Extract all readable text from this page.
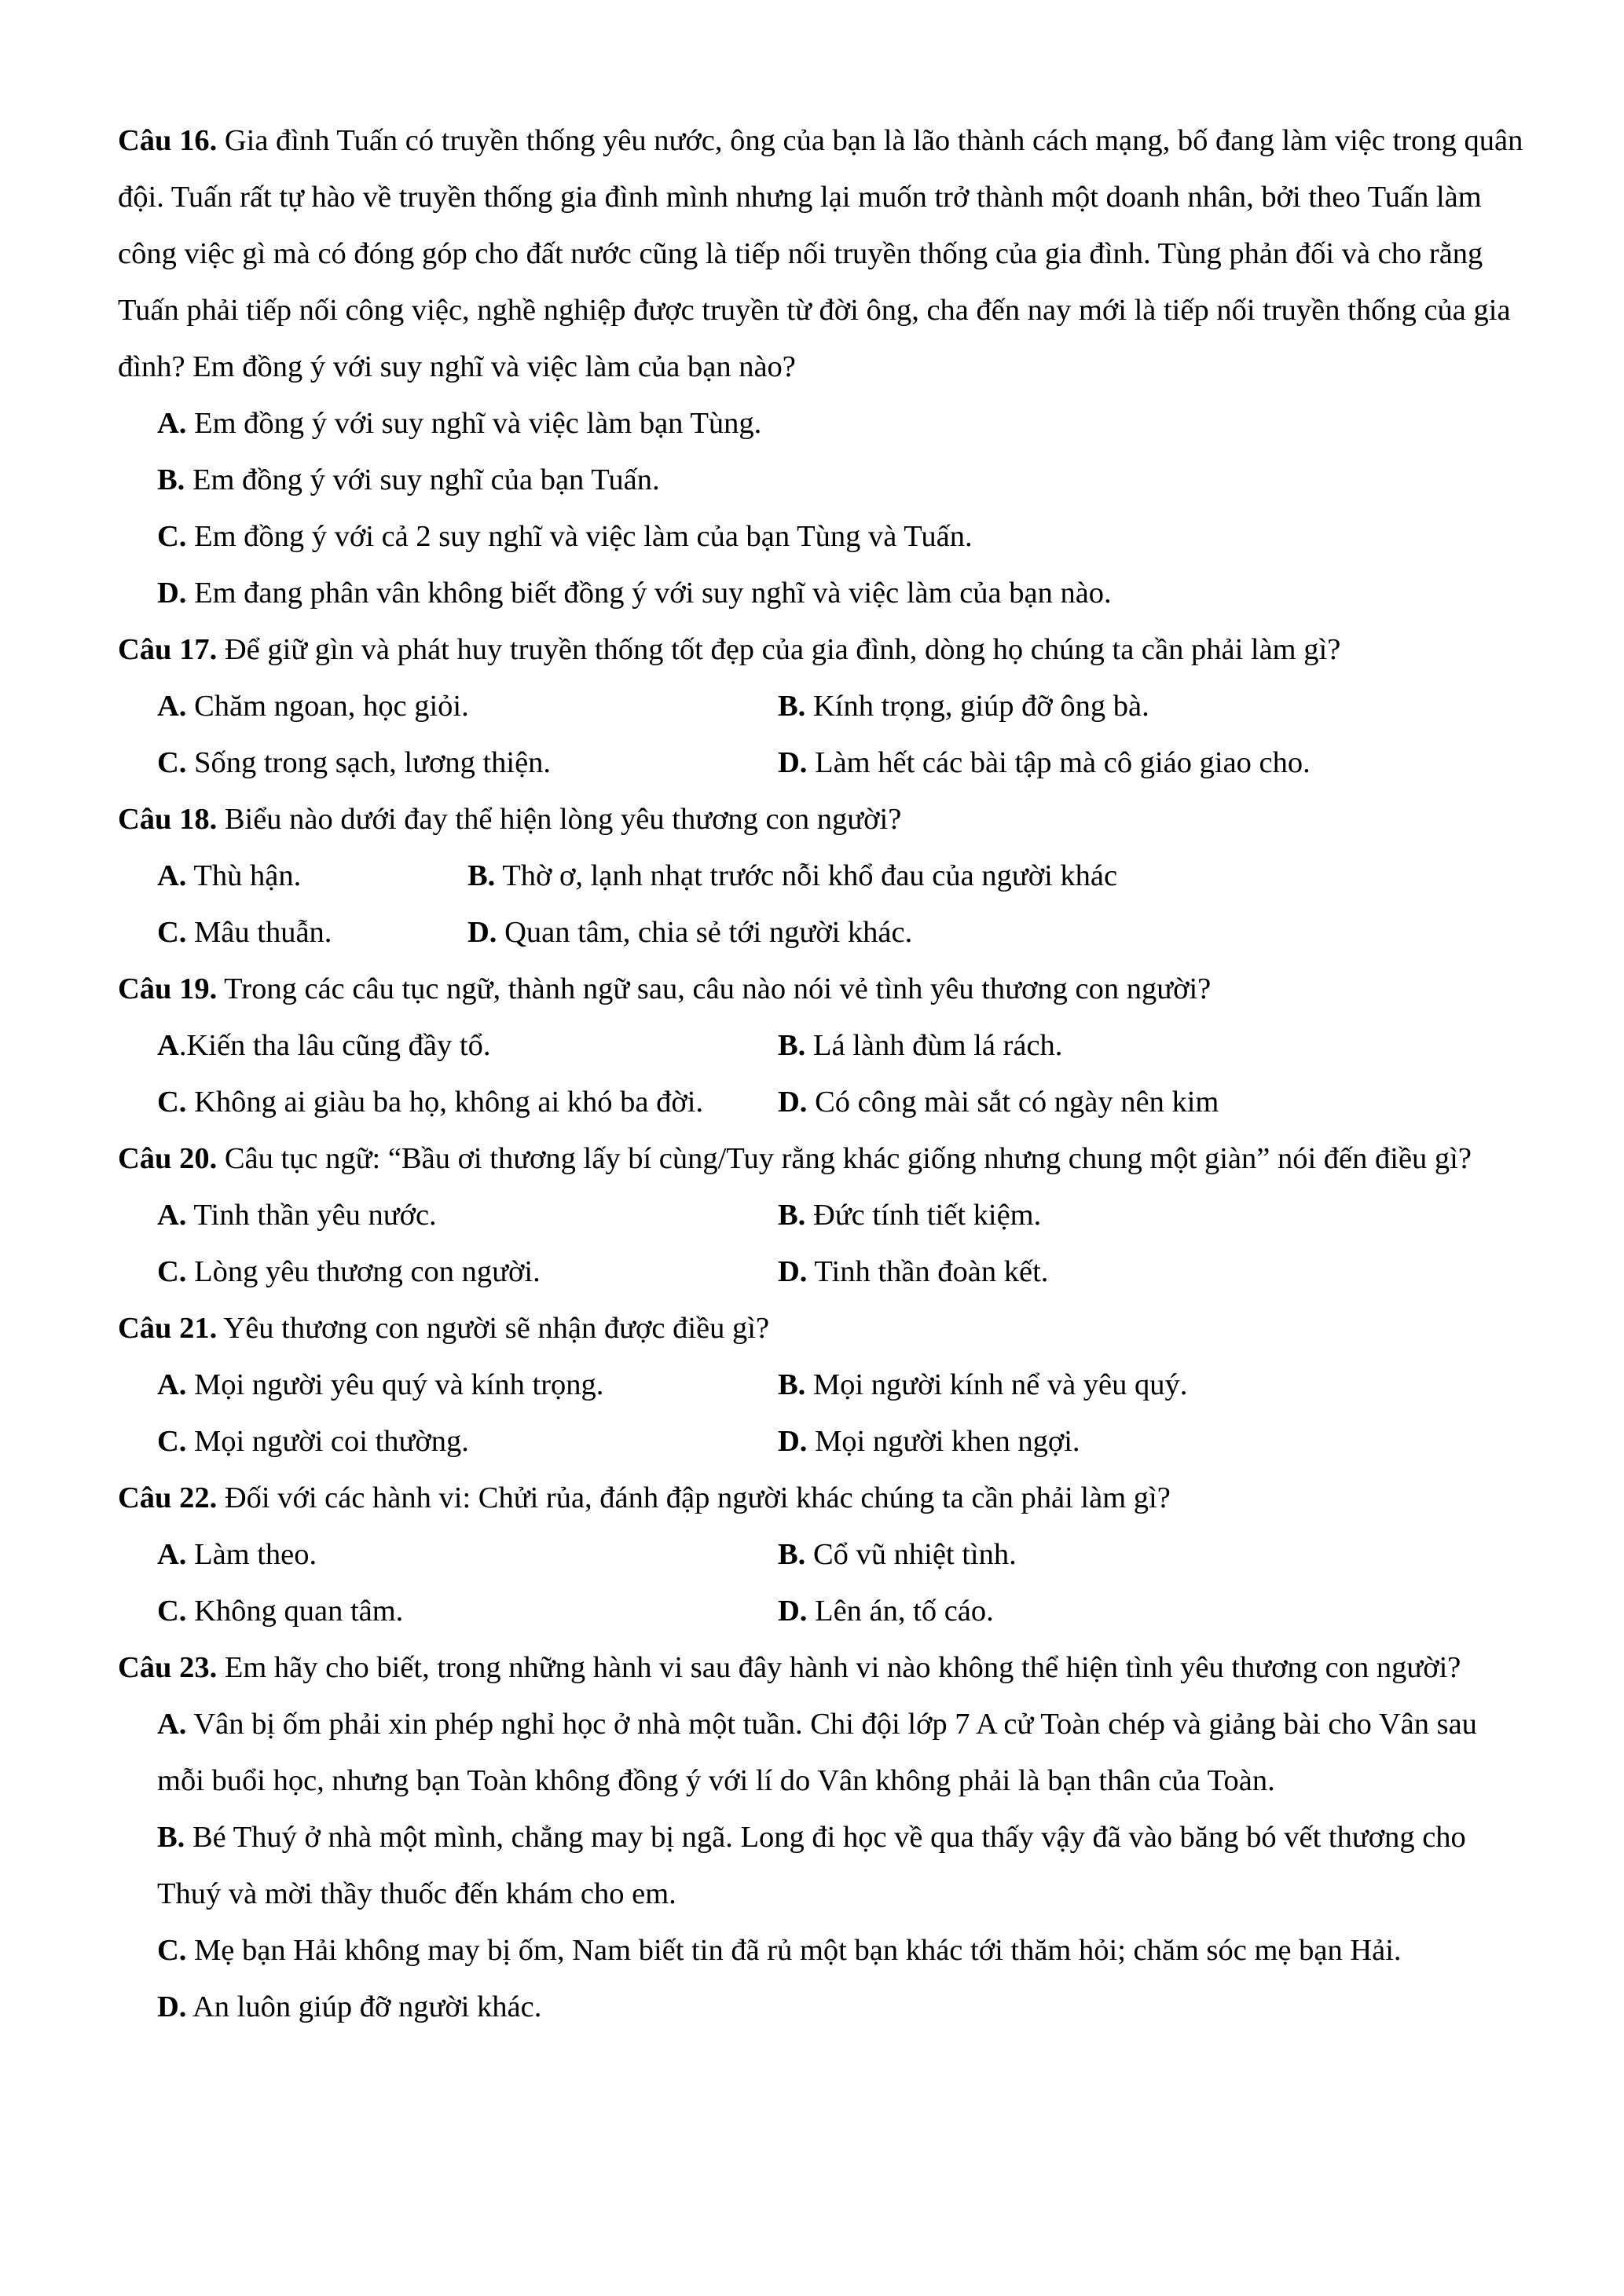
Câu 16. Gia đình Tuấn có truyền thống yêu nước, ông của bạn là lão thành cách mạng, bố đang làm việc trong quân đội. Tuấn rất tự hào về truyền thống gia đình mình nhưng lại muốn trở thành một doanh nhân, bởi theo Tuấn làm công việc gì mà có đóng góp cho đất nước cũng là tiếp nối truyền thống của gia đình. Tùng phản đối và cho rằng Tuấn phải tiếp nối công việc, nghề nghiệp được truyền từ đời ông, cha đến nay mới là tiếp nối truyền thống của gia đình? Em đồng ý với suy nghĩ và việc làm của bạn nào?

A. Em đồng ý với suy nghĩ và việc làm bạn Tùng.

B. Em đồng ý với suy nghĩ của bạn Tuấn.

C. Em đồng ý với cả 2 suy nghĩ và việc làm của bạn Tùng và Tuấn.

D. Em đang phân vân không biết đồng ý với suy nghĩ và việc làm của bạn nào.

Câu 17. Để giữ gìn và phát huy truyền thống tốt đẹp của gia đình, dòng họ chúng ta cần phải làm gì?

A. Chăm ngoan, học giỏi.	B. Kính trọng, giúp đỡ ông bà.
C. Sống trong sạch, lương thiện.	D. Làm hết các bài tập mà cô giáo giao cho.

Câu 18. Biểu nào dưới đay thể hiện lòng yêu thương con người?

A. Thù hận.	B. Thờ ơ, lạnh nhạt trước nỗi khổ đau của người khác
C. Mâu thuẫn.	D. Quan tâm, chia sẻ tới người khác.

Câu 19. Trong các câu tục ngữ, thành ngữ sau, câu nào nói vẻ tình yêu thương con người?

A.Kiến tha lâu cũng đầy tổ.	B. Lá lành đùm lá rách.
C. Không ai giàu ba họ, không ai khó ba đời.	D. Có công mài sắt có ngày nên kim

Câu 20. Câu tục ngữ: “Bầu ơi thương lấy bí cùng/Tuy rằng khác giống nhưng chung một giàn” nói đến điều gì?

A. Tinh thần yêu nước.	B. Đức tính tiết kiệm.
C. Lòng yêu thương con người.	D. Tinh thần đoàn kết.

Câu 21. Yêu thương con người sẽ nhận được điều gì?

A. Mọi người yêu quý và kính trọng.	B. Mọi người kính nể và yêu quý.
C. Mọi người coi thường.	D. Mọi người khen ngợi.

Câu 22. Đối với các hành vi: Chửi rủa, đánh đập người khác chúng ta cần phải làm gì?

A. Làm theo.	B. Cổ vũ nhiệt tình.
C. Không quan tâm.	D. Lên án, tố cáo.

Câu 23. Em hãy cho biết, trong những hành vi sau đây hành vi nào không thể hiện tình yêu thương con người?

A. Vân bị ốm phải xin phép nghỉ học ở nhà một tuần. Chi đội lớp 7 A cử Toàn chép và giảng bài cho Vân sau mỗi buổi học, nhưng bạn Toàn không đồng ý với lí do Vân không phải là bạn thân của Toàn.

B. Bé Thuý ở nhà một mình, chẳng may bị ngã. Long đi học về qua thấy vậy đã vào băng bó vết thương cho Thuý và mời thầy thuốc đến khám cho em.

C. Mẹ bạn Hải không may bị ốm, Nam biết tin đã rủ một bạn khác tới thăm hỏi; chăm sóc mẹ bạn Hải.

D. An luôn giúp đỡ người khác.
